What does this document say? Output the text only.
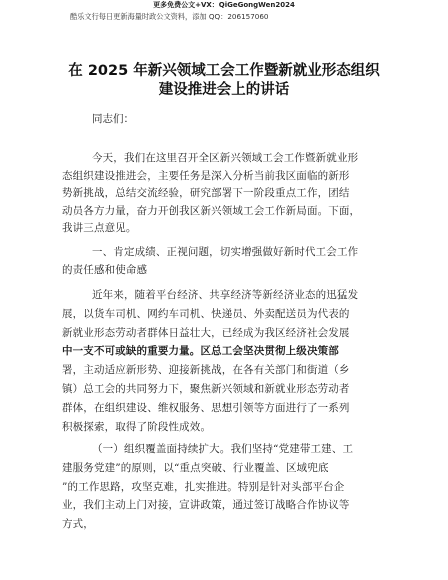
更多免费公文+VX：QiGeGongWen2024
酷乐文行每日更新海量时政公文资料，添加 QQ：206157060
在 2025 年新兴领域工会工作暨新就业形态组织
建设推进会上的讲话
同志们：
今天，我们在这里召开全区新兴领域工会工作暨新就业形
态组织建设推进会，主要任务是深入分析当前我区面临的新形
势新挑战，总结交流经验，研究部署下一阶段重点工作，团结
动员各方力量，奋力开创我区新兴领域工会工作新局面。下面，
我讲三点意见。
一、肯定成绩、正视问题，切实增强做好新时代工会工作
的责任感和使命感
近年来，随着平台经济、共享经济等新经济业态的迅猛发
展，以货车司机、网约车司机、快递员、外卖配送员为代表的
新就业形态劳动者群体日益壮大，已经成为我区经济社会发展
中一支不可或缺的重要力量。区总工会坚决贯彻上级决策部
署，主动适应新形势、迎接新挑战，在各有关部门和街道（乡
镇）总工会的共同努力下，聚焦新兴领域和新就业形态劳动者
群体，在组织建设、维权服务、思想引领等方面进行了一系列
积极探索，取得了阶段性成效。
（一）组织覆盖面持续扩大。我们坚持“党建带工建、工
建服务党建”的原则，以“重点突破、行业覆盖、区域兜底
”的工作思路，攻坚克难，扎实推进。特别是针对头部平台企
业，我们主动上门对接，宣讲政策，通过签订战略合作协议等
方式，
